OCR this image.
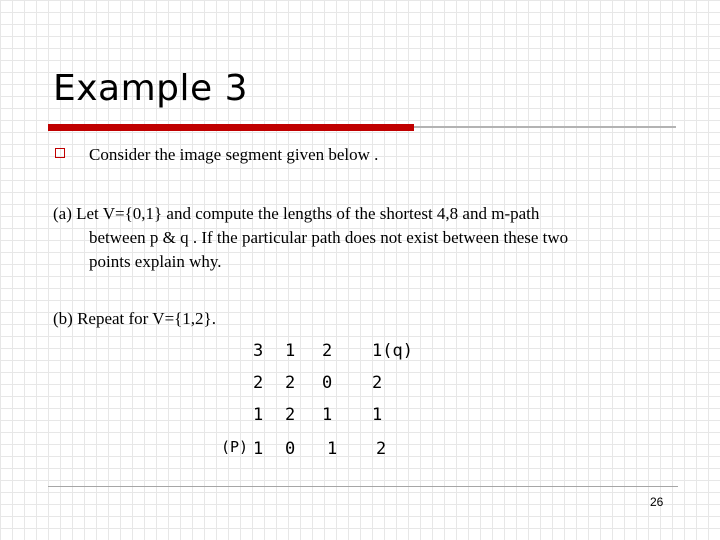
Example 3
Consider the image segment given below .
(a) Let V={0,1} and compute the lengths of the shortest 4,8 and m-path
between p & q . If the particular path does not exist between these two
points explain why.
(b) Repeat for V={1,2}.
3 1 2 1(q)
2 2 0 2
1 2 1 1
(P) 1 0 1 2
26
